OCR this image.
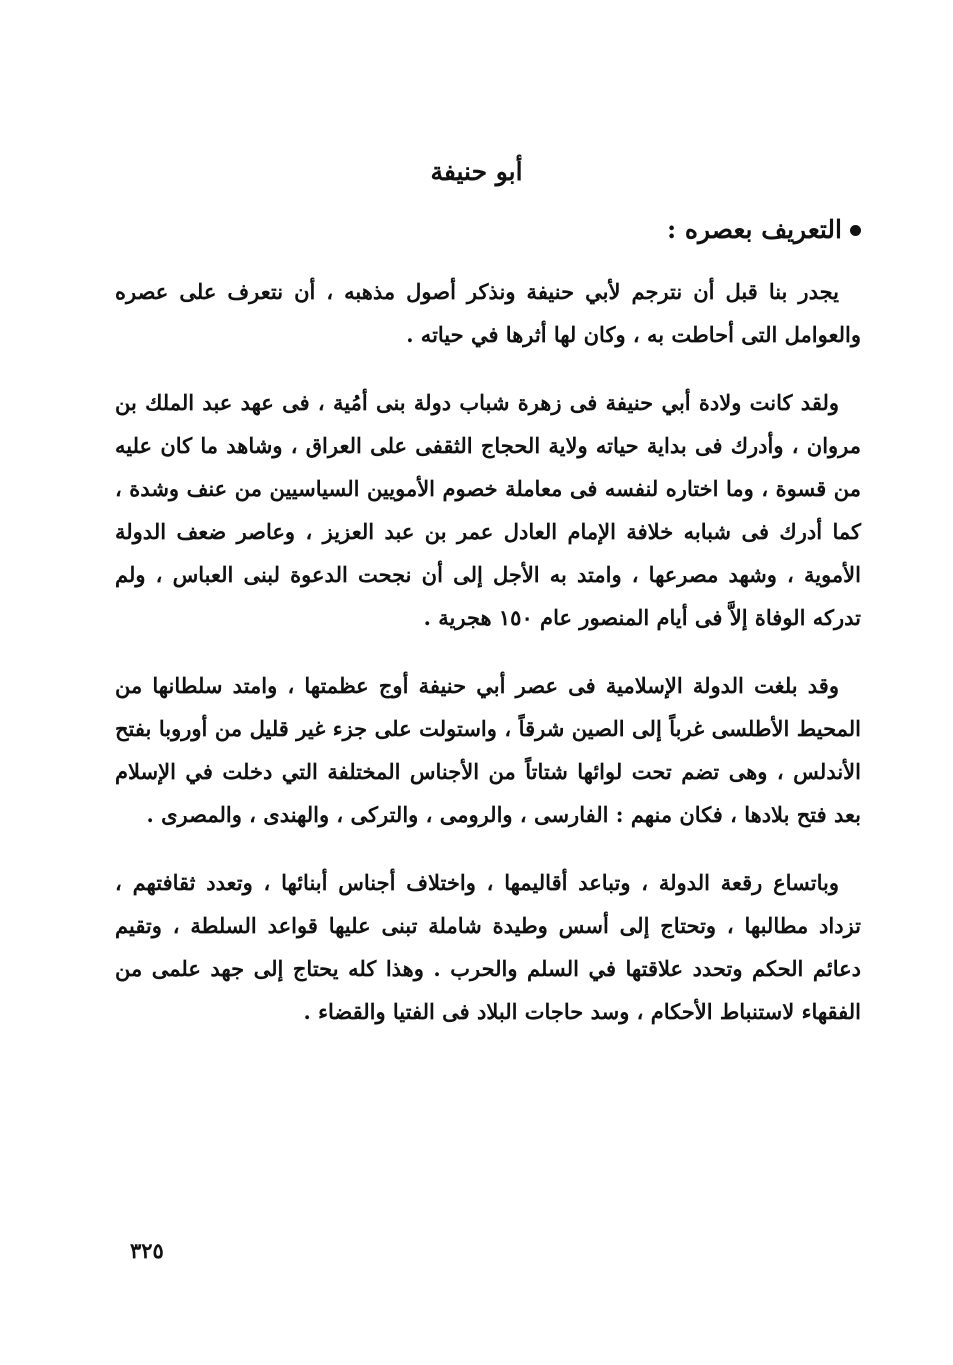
أبو حنيفة
التعريف بعصره :

يجدر بنا قبل أن نترجم لأبي حنيفة ونذكر أصول مذهبه ، أن نتعرف على عصره والعوامل التى أحاطت به ، وكان لها أثرها في حياته .

ولقد كانت ولادة أبي حنيفة فى زهرة شباب دولة بنى أمُية ، فى عهد عبد الملك بن مروان ، وأدرك فى بداية حياته ولاية الحجاج الثقفى على العراق ، وشاهد ما كان عليه من قسوة ، وما اختاره لنفسه فى معاملة خصوم الأمويين السياسيين من عنف وشدة ، كما أدرك فى شبابه خلافة الإمام العادل عمر بن عبد العزيز ، وعاصر ضعف الدولة الأموية ، وشهد مصرعها ، وامتد به الأجل إلى أن نجحت الدعوة لبنى العباس ، ولم تدركه الوفاة إلاَّ فى أيام المنصور عام ١٥٠ هجرية .

وقد بلغت الدولة الإسلامية فى عصر أبي حنيفة أوج عظمتها ، وامتد سلطانها من المحيط الأطلسى غرباً إلى الصين شرقاً ، واستولت على جزء غير قليل من أوروبا بفتح الأندلس ، وهى تضم تحت لوائها شتاتاً من الأجناس المختلفة التي دخلت في الإسلام بعد فتح بلادها ، فكان منهم : الفارسى ، والرومى ، والتركى ، والهندى ، والمصرى .

وباتساع رقعة الدولة ، وتباعد أقاليمها ، واختلاف أجناس أبنائها ، وتعدد ثقافتهم ، تزداد مطالبها ، وتحتاج إلى أسس وطيدة شاملة تبنى عليها قواعد السلطة ، وتقيم دعائم الحكم وتحدد علاقتها في السلم والحرب . وهذا كله يحتاج إلى جهد علمى من الفقهاء لاستنباط الأحكام ، وسد حاجات البلاد فى الفتيا والقضاء .

٣٢٥
